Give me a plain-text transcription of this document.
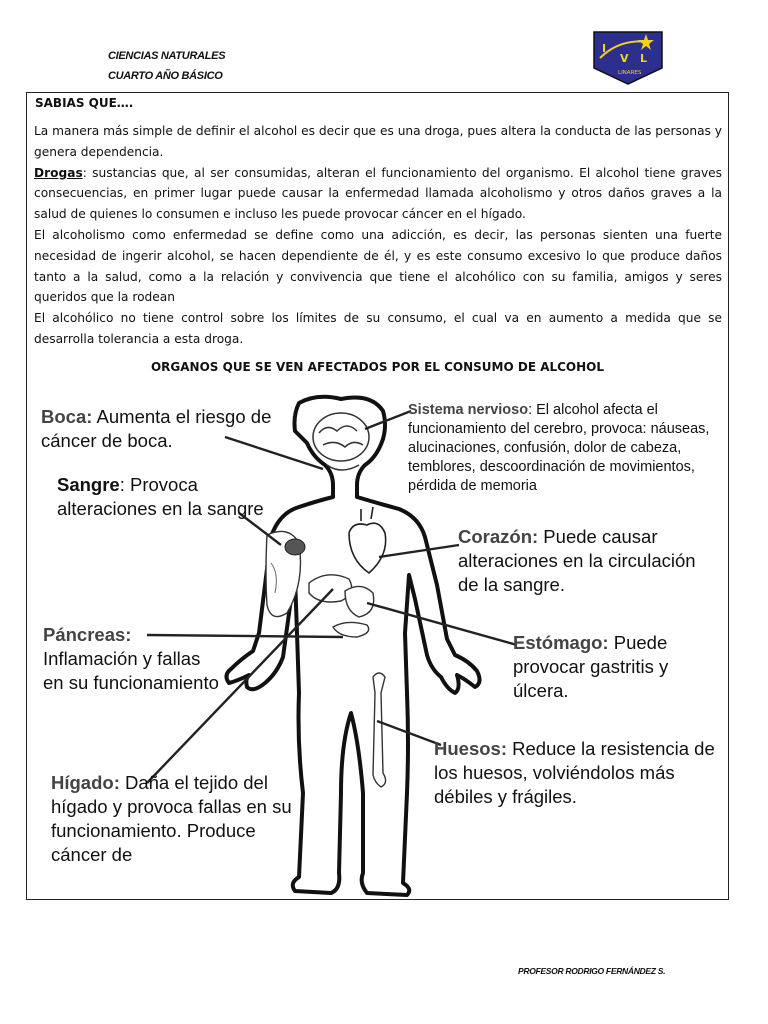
CIENCIAS NATURALES
CUARTO AÑO BÁSICO
I
V L
LINARES
SABIAS QUE….

La manera más simple de definir el alcohol es decir que es una droga, pues altera la conducta de las personas y genera dependencia.

Drogas: sustancias que, al ser consumidas, alteran el funcionamiento del organismo. El alcohol tiene graves consecuencias, en primer lugar puede causar la enfermedad llamada alcoholismo y otros daños graves a la salud de quienes lo consumen e incluso les puede provocar cáncer en el hígado.

El alcoholismo como enfermedad se define como una adicción, es decir, las personas sienten una fuerte necesidad de ingerir alcohol, se hacen dependiente de él, y es este consumo excesivo lo que produce daños tanto a la salud, como a la relación y convivencia que tiene el alcohólico con su familia, amigos y seres queridos que la rodean

El alcohólico no tiene control sobre los límites de su consumo, el cual va en aumento a medida que se desarrolla tolerancia a esta droga.

ORGANOS QUE SE VEN AFECTADOS POR EL CONSUMO DE ALCOHOL
Boca: Aumenta el riesgo de cáncer de boca.
Sangre: Provoca alteraciones en la sangre
Páncreas: Inflamación y fallas en su funcionamiento
Hígado: Daña el tejido del hígado y provoca fallas en su funcionamiento. Produce cáncer de
Sistema nervioso: El alcohol afecta el funcionamiento del cerebro, provoca: náuseas, alucinaciones, confusión, dolor de cabeza, temblores, descoordinación de movimientos, pérdida de memoria
Corazón: Puede causar alteraciones en la circulación de la sangre.
Estómago: Puede provocar gastritis y úlcera.
Huesos: Reduce la resistencia de los huesos, volviéndolos más débiles y frágiles.
PROFESOR RODRIGO FERNÁNDEZ S.
